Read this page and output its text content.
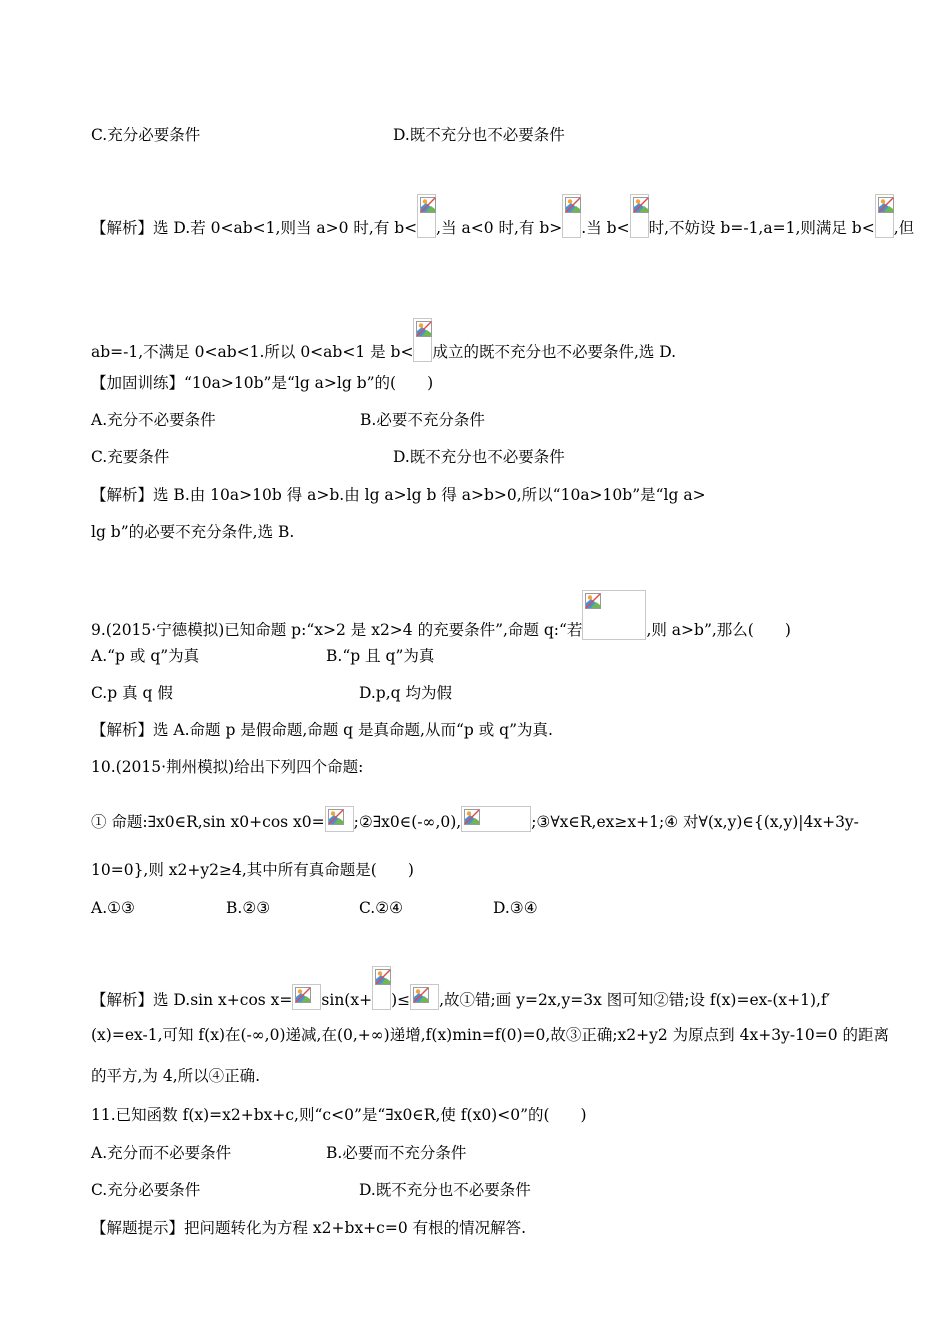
C.充分必要条件	D.既不充分也不必要条件
【解析】选 D.若 0<ab<1,则当 a>0 时,有 b< ,当 a<0 时,有 b> .当 b< 时,不妨设 b=-1,a=1,则满足 b< ,但
ab=-1,不满足 0<ab<1.所以 0<ab<1 是 b< 成立的既不充分也不必要条件,选 D.
【加固训练】“10a>10b”是“lg a>lg b”的(　　)
A.充分不必要条件	B.必要不充分条件
C.充要条件	D.既不充分也不必要条件
【解析】选 B.由 10a>10b 得 a>b.由 lg a>lg b 得 a>b>0,所以“10a>10b”是“lg a>
lg b”的必要不充分条件,选 B.
9.(2015·宁德模拟)已知命题 p:“x>2 是 x2>4 的充要条件”,命题 q:“若	,则 a>b”,那么(　　)
A.“p 或 q”为真	B.“p 且 q”为真
C.p 真 q 假	D.p,q 均为假
【解析】选 A.命题 p 是假命题,命题 q 是真命题,从而“p 或 q”为真.
10.(2015·荆州模拟)给出下列四个命题:
① 命题:∃x0∈R,sin x0+cos x0= ;②∃x0∈(-∞,0),	;③∀x∈R,ex≥x+1;④ 对∀(x,y)∈{(x,y)|4x+3y-
10=0},则 x2+y2≥4,其中所有真命题是(　　)
A.①③	B.②③	C.②④	D.③④
【解析】选 D.sin x+cos x= sin(x+ )≤ ,故①错;画 y=2x,y=3x 图可知②错;设 f(x)=ex-(x+1),f′
(x)=ex-1,可知 f(x)在(-∞,0)递减,在(0,+∞)递增,f(x)min=f(0)=0,故③正确;x2+y2 为原点到 4x+3y-10=0 的距离
的平方,为 4,所以④正确.
11.已知函数 f(x)=x2+bx+c,则“c<0”是“∃x0∈R,使 f(x0)<0”的(　　)
A.充分而不必要条件	B.必要而不充分条件
C.充分必要条件	D.既不充分也不必要条件
【解题提示】把问题转化为方程 x2+bx+c=0 有根的情况解答.
